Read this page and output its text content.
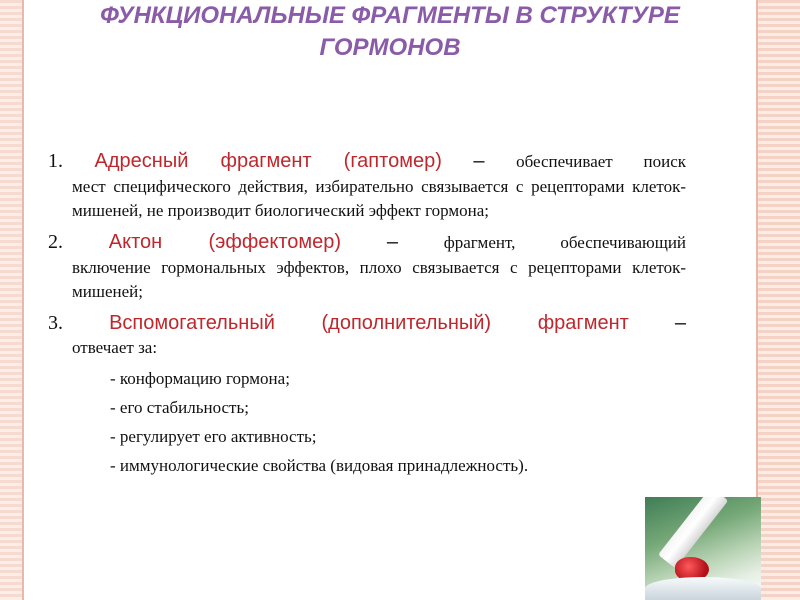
ФУНКЦИОНАЛЬНЫЕ ФРАГМЕНТЫ В СТРУКТУРЕ ГОРМОНОВ
1. Адресный фрагмент (гаптомер) – обеспечивает поиск
мест специфического действия, избирательно связывается с рецепторами клеток-мишеней, не производит биологический эффект гормона;
2. Актон (эффектомер) –	фрагмент, обеспечивающий
включение гормональных эффектов, плохо связывается с рецепторами клеток-мишеней;
3. Вспомогательный (дополнительный) фрагмент –
отвечает за:
- конформацию гормона;
- его стабильность;
- регулирует его активность;
- иммунологические свойства (видовая принадлежность).
